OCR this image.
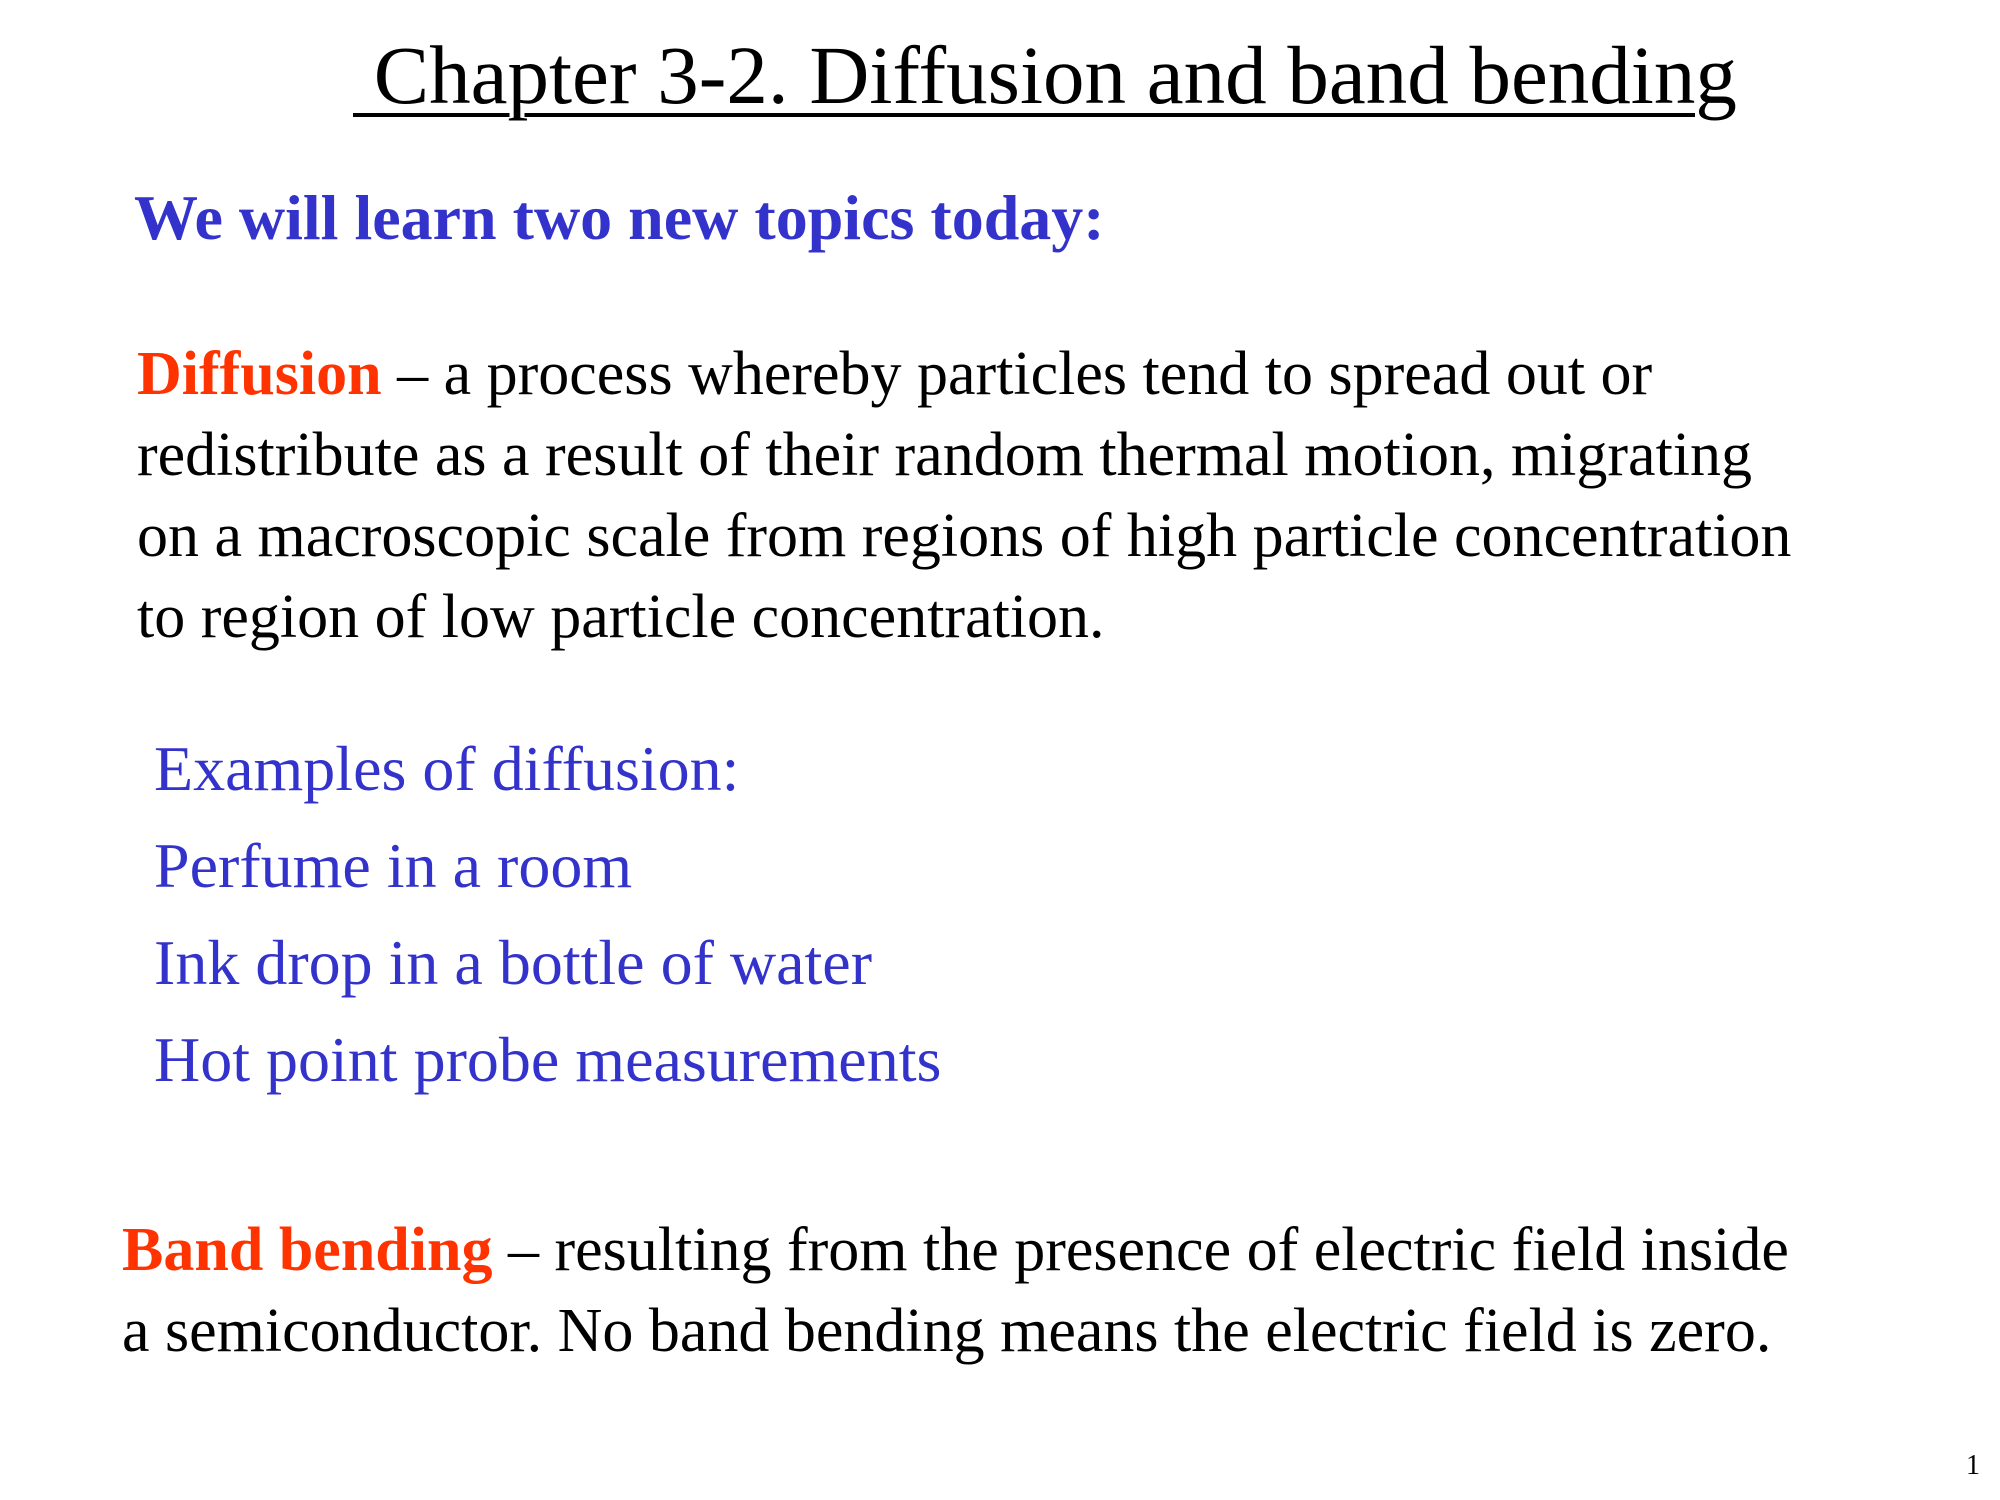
Chapter 3-2. Diffusion and band bending
We will learn two new topics today:
Diffusion – a process whereby particles tend to spread out or
redistribute as a result of their random thermal motion, migrating
on a macroscopic scale from regions of high particle concentration
to region of low particle concentration.
Examples of diffusion:
Perfume in a room
Ink drop in a bottle of water
Hot point probe measurements
Band bending – resulting from the presence of electric field inside
a semiconductor. No band bending means the electric field is zero.
1
